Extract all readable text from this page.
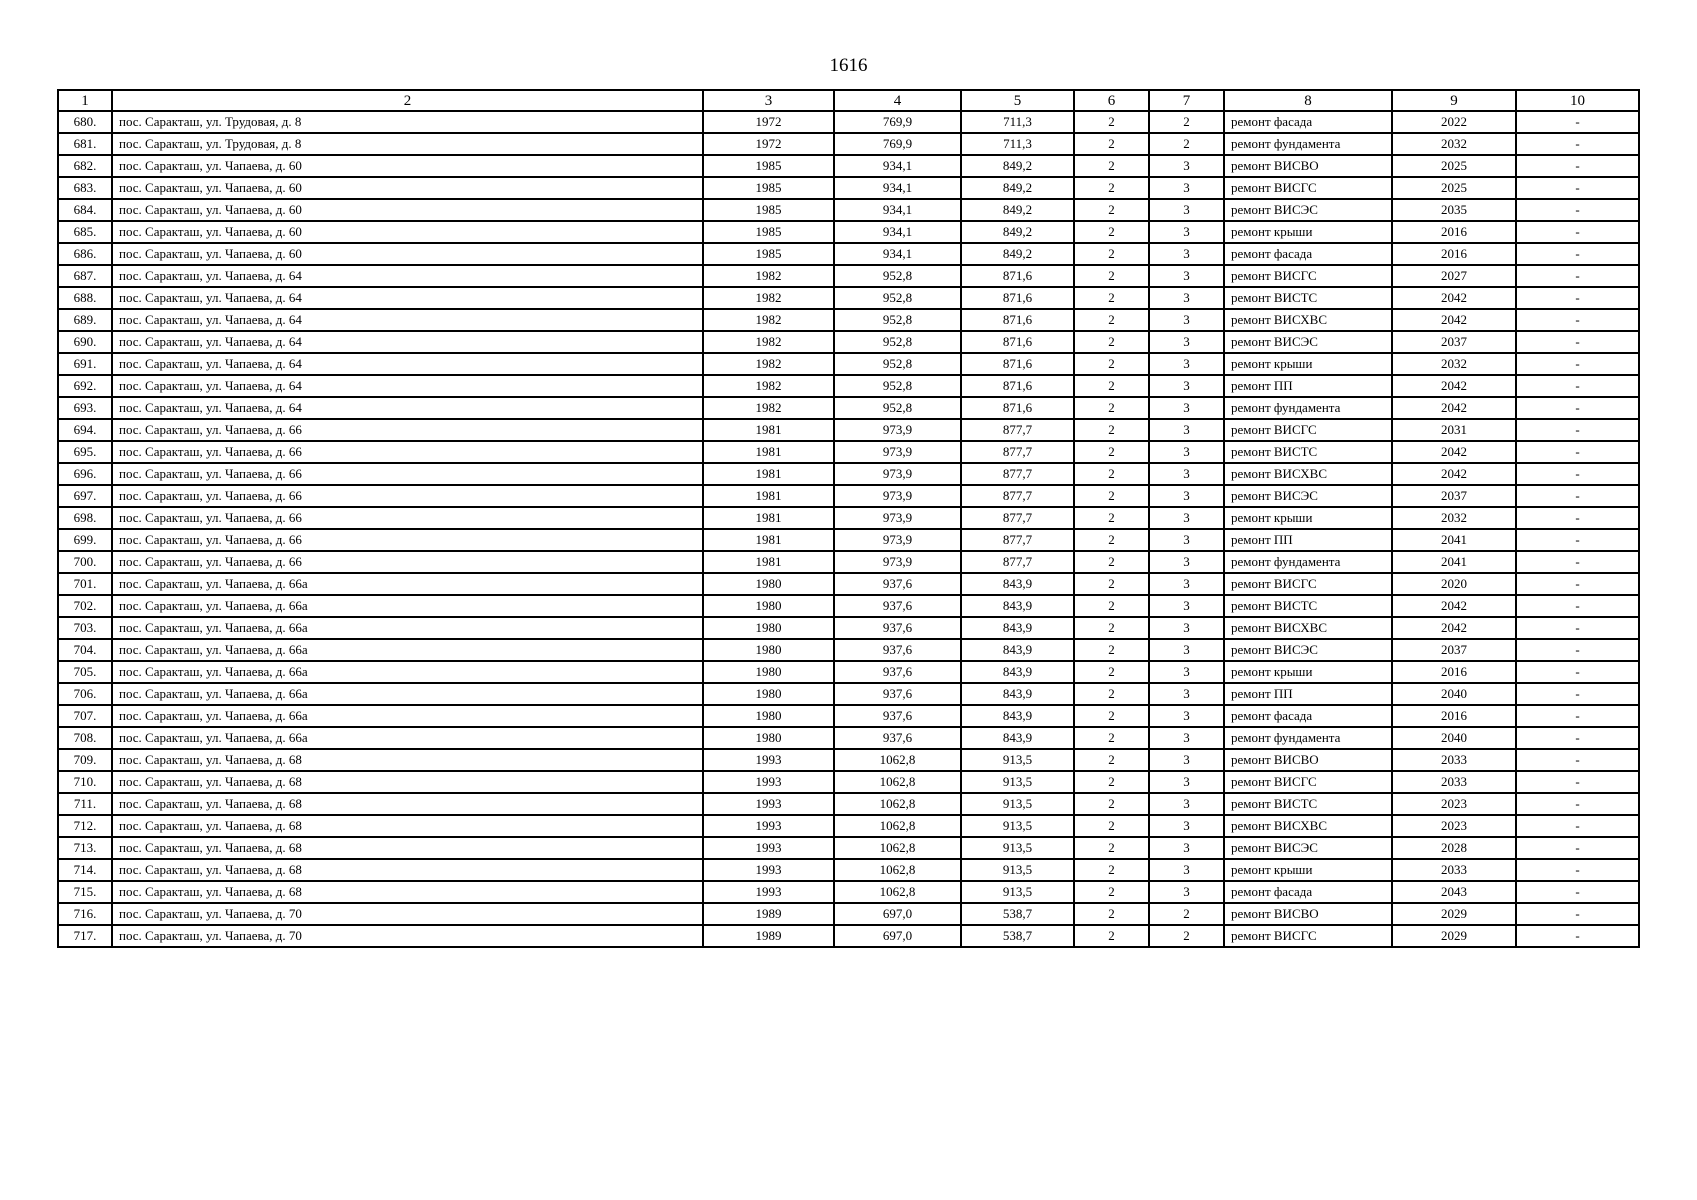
1616
1	2	3	4	5	6	7	8	9	10
680.	пос. Саракташ, ул. Трудовая, д. 8	1972	769,9	711,3	2	2	ремонт фасада	2022	-
681.	пос. Саракташ, ул. Трудовая, д. 8	1972	769,9	711,3	2	2	ремонт фундамента	2032	-
682.	пос. Саракташ, ул. Чапаева, д. 60	1985	934,1	849,2	2	3	ремонт ВИСВО	2025	-
683.	пос. Саракташ, ул. Чапаева, д. 60	1985	934,1	849,2	2	3	ремонт ВИСГС	2025	-
684.	пос. Саракташ, ул. Чапаева, д. 60	1985	934,1	849,2	2	3	ремонт ВИСЭС	2035	-
685.	пос. Саракташ, ул. Чапаева, д. 60	1985	934,1	849,2	2	3	ремонт крыши	2016	-
686.	пос. Саракташ, ул. Чапаева, д. 60	1985	934,1	849,2	2	3	ремонт фасада	2016	-
687.	пос. Саракташ, ул. Чапаева, д. 64	1982	952,8	871,6	2	3	ремонт ВИСГС	2027	-
688.	пос. Саракташ, ул. Чапаева, д. 64	1982	952,8	871,6	2	3	ремонт ВИСТС	2042	-
689.	пос. Саракташ, ул. Чапаева, д. 64	1982	952,8	871,6	2	3	ремонт ВИСХВС	2042	-
690.	пос. Саракташ, ул. Чапаева, д. 64	1982	952,8	871,6	2	3	ремонт ВИСЭС	2037	-
691.	пос. Саракташ, ул. Чапаева, д. 64	1982	952,8	871,6	2	3	ремонт крыши	2032	-
692.	пос. Саракташ, ул. Чапаева, д. 64	1982	952,8	871,6	2	3	ремонт ПП	2042	-
693.	пос. Саракташ, ул. Чапаева, д. 64	1982	952,8	871,6	2	3	ремонт фундамента	2042	-
694.	пос. Саракташ, ул. Чапаева, д. 66	1981	973,9	877,7	2	3	ремонт ВИСГС	2031	-
695.	пос. Саракташ, ул. Чапаева, д. 66	1981	973,9	877,7	2	3	ремонт ВИСТС	2042	-
696.	пос. Саракташ, ул. Чапаева, д. 66	1981	973,9	877,7	2	3	ремонт ВИСХВС	2042	-
697.	пос. Саракташ, ул. Чапаева, д. 66	1981	973,9	877,7	2	3	ремонт ВИСЭС	2037	-
698.	пос. Саракташ, ул. Чапаева, д. 66	1981	973,9	877,7	2	3	ремонт крыши	2032	-
699.	пос. Саракташ, ул. Чапаева, д. 66	1981	973,9	877,7	2	3	ремонт ПП	2041	-
700.	пос. Саракташ, ул. Чапаева, д. 66	1981	973,9	877,7	2	3	ремонт фундамента	2041	-
701.	пос. Саракташ, ул. Чапаева, д. 66а	1980	937,6	843,9	2	3	ремонт ВИСГС	2020	-
702.	пос. Саракташ, ул. Чапаева, д. 66а	1980	937,6	843,9	2	3	ремонт ВИСТС	2042	-
703.	пос. Саракташ, ул. Чапаева, д. 66а	1980	937,6	843,9	2	3	ремонт ВИСХВС	2042	-
704.	пос. Саракташ, ул. Чапаева, д. 66а	1980	937,6	843,9	2	3	ремонт ВИСЭС	2037	-
705.	пос. Саракташ, ул. Чапаева, д. 66а	1980	937,6	843,9	2	3	ремонт крыши	2016	-
706.	пос. Саракташ, ул. Чапаева, д. 66а	1980	937,6	843,9	2	3	ремонт ПП	2040	-
707.	пос. Саракташ, ул. Чапаева, д. 66а	1980	937,6	843,9	2	3	ремонт фасада	2016	-
708.	пос. Саракташ, ул. Чапаева, д. 66а	1980	937,6	843,9	2	3	ремонт фундамента	2040	-
709.	пос. Саракташ, ул. Чапаева, д. 68	1993	1062,8	913,5	2	3	ремонт ВИСВО	2033	-
710.	пос. Саракташ, ул. Чапаева, д. 68	1993	1062,8	913,5	2	3	ремонт ВИСГС	2033	-
711.	пос. Саракташ, ул. Чапаева, д. 68	1993	1062,8	913,5	2	3	ремонт ВИСТС	2023	-
712.	пос. Саракташ, ул. Чапаева, д. 68	1993	1062,8	913,5	2	3	ремонт ВИСХВС	2023	-
713.	пос. Саракташ, ул. Чапаева, д. 68	1993	1062,8	913,5	2	3	ремонт ВИСЭС	2028	-
714.	пос. Саракташ, ул. Чапаева, д. 68	1993	1062,8	913,5	2	3	ремонт крыши	2033	-
715.	пос. Саракташ, ул. Чапаева, д. 68	1993	1062,8	913,5	2	3	ремонт фасада	2043	-
716.	пос. Саракташ, ул. Чапаева, д. 70	1989	697,0	538,7	2	2	ремонт ВИСВО	2029	-
717.	пос. Саракташ, ул. Чапаева, д. 70	1989	697,0	538,7	2	2	ремонт ВИСГС	2029	-
